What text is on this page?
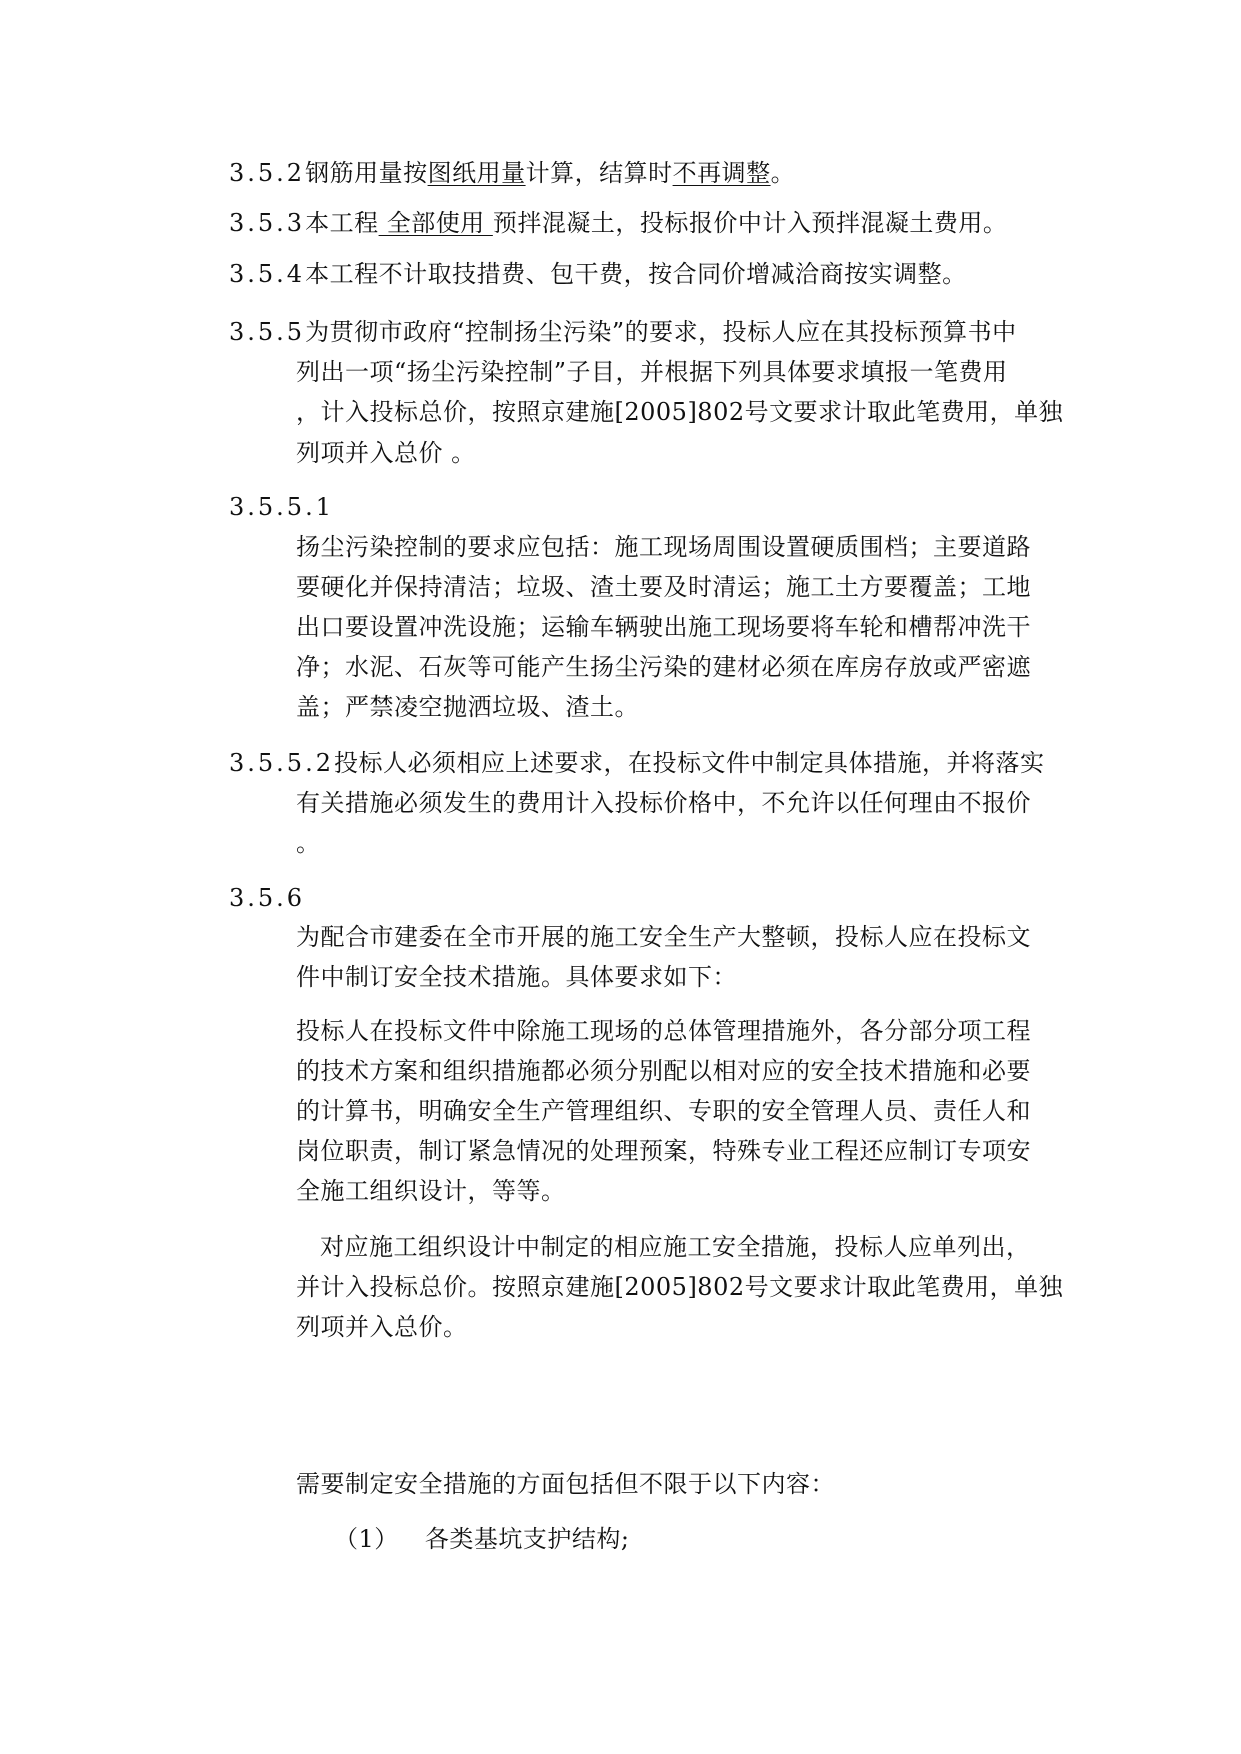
3.5.2钢筋用量按图纸用量计算，结算时不再调整。
3.5.3本工程 全部使用 预拌混凝土，投标报价中计入预拌混凝土费用。
3.5.4本工程不计取技措费、包干费，按合同价增减洽商按实调整。
3.5.5为贯彻市政府“控制扬尘污染”的要求，投标人应在其投标预算书中
列出一项“扬尘污染控制”子目，并根据下列具体要求填报一笔费用
，计入投标总价，按照京建施[2005]802号文要求计取此笔费用，单独
列项并入总价 。
3.5.5.1
扬尘污染控制的要求应包括：施工现场周围设置硬质围档；主要道路
要硬化并保持清洁；垃圾、渣土要及时清运；施工土方要覆盖；工地
出口要设置冲洗设施；运输车辆驶出施工现场要将车轮和槽帮冲洗干
净；水泥、石灰等可能产生扬尘污染的建材必须在库房存放或严密遮
盖；严禁凌空抛洒垃圾、渣土。
3.5.5.2投标人必须相应上述要求，在投标文件中制定具体措施，并将落实
有关措施必须发生的费用计入投标价格中，不允许以任何理由不报价
。
3.5.6
为配合市建委在全市开展的施工安全生产大整顿，投标人应在投标文
件中制订安全技术措施。具体要求如下：
投标人在投标文件中除施工现场的总体管理措施外，各分部分项工程
的技术方案和组织措施都必须分别配以相对应的安全技术措施和必要
的计算书，明确安全生产管理组织、专职的安全管理人员、责任人和
岗位职责，制订紧急情况的处理预案，特殊专业工程还应制订专项安
全施工组织设计，等等。
对应施工组织设计中制定的相应施工安全措施，投标人应单列出，
并计入投标总价。按照京建施[2005]802号文要求计取此笔费用，单独
列项并入总价。
需要制定安全措施的方面包括但不限于以下内容：
（1） 各类基坑支护结构;
